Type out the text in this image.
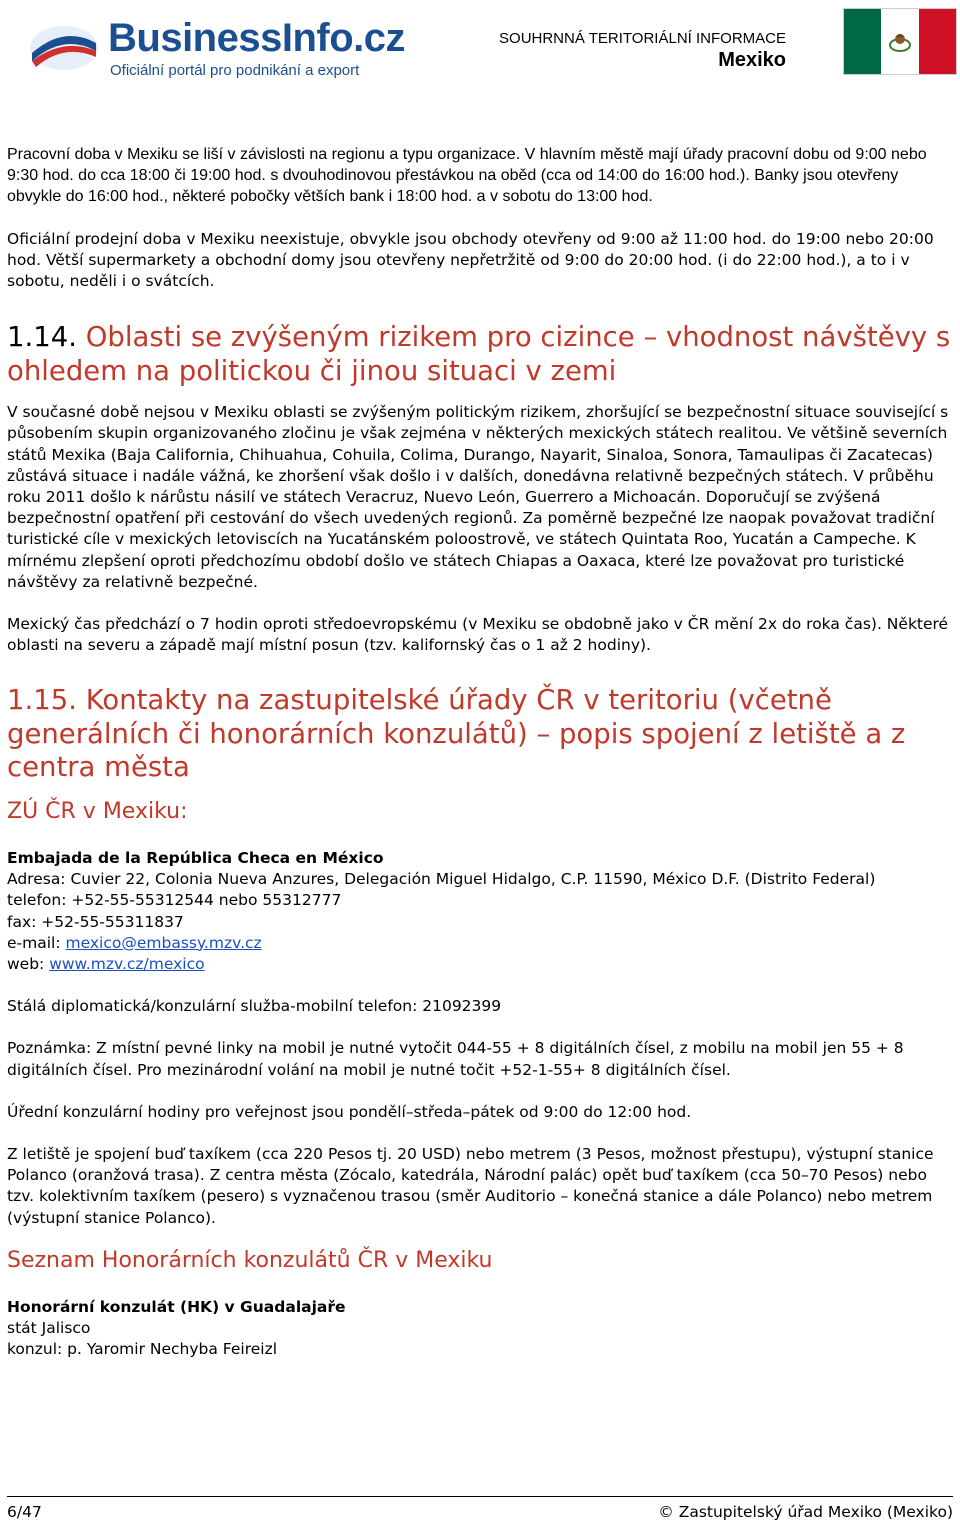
BusinessInfo.cz
Oficiální portál pro podnikání a export
SOUHRNNÁ TERITORIÁLNÍ INFORMACE
Mexiko

Pracovní doba v Mexiku se liší v závislosti na regionu a typu organizace. V hlavním městě mají úřady pracovní dobu od 9:00 nebo 9:30 hod. do cca 18:00 či 19:00 hod. s dvouhodinovou přestávkou na oběd (cca od 14:00 do 16:00 hod.). Banky jsou otevřeny obvykle do 16:00 hod., některé pobočky větších bank i 18:00 hod. a v sobotu do 13:00 hod.

Oficiální prodejní doba v Mexiku neexistuje, obvykle jsou obchody otevřeny od 9:00 až 11:00 hod. do 19:00 nebo 20:00 hod. Větší supermarkety a obchodní domy jsou otevřeny nepřetržitě od 9:00 do 20:00 hod. (i do 22:00 hod.), a to i v sobotu, neděli i o svátcích.

1.14. Oblasti se zvýšeným rizikem pro cizince – vhodnost návštěvy s ohledem na politickou či jinou situaci v zemi

V současné době nejsou v Mexiku oblasti se zvýšeným politickým rizikem, zhoršující se bezpečnostní situace související s působením skupin organizovaného zločinu je však zejména v některých mexických státech realitou. Ve většině severních států Mexika (Baja California, Chihuahua, Cohuila, Colima, Durango, Nayarit, Sinaloa, Sonora, Tamaulipas či Zacatecas) zůstává situace i nadále vážná, ke zhoršení však došlo i v dalších, donedávna relativně bezpečných státech. V průběhu roku 2011 došlo k nárůstu násilí ve státech Veracruz, Nuevo León, Guerrero a Michoacán. Doporučují se zvýšená bezpečnostní opatření při cestování do všech uvedených regionů. Za poměrně bezpečné lze naopak považovat tradiční turistické cíle v mexických letoviscích na Yucatánském poloostrově, ve státech Quintata Roo, Yucatán a Campeche. K mírnému zlepšení oproti předchozímu období došlo ve státech Chiapas a Oaxaca, které lze považovat pro turistické návštěvy za relativně bezpečné.

Mexický čas předchází o 7 hodin oproti středoevropskému (v Mexiku se obdobně jako v ČR mění 2x do roka čas). Některé oblasti na severu a západě mají místní posun (tzv. kalifornský čas o 1 až 2 hodiny).

1.15. Kontakty na zastupitelské úřady ČR v teritoriu (včetně generálních či honorárních konzulátů) – popis spojení z letiště a z centra města
ZÚ ČR v Mexiku:
Embajada de la República Checa en México
Adresa: Cuvier 22, Colonia Nueva Anzures, Delegación Miguel Hidalgo, C.P. 11590, México D.F. (Distrito Federal)
telefon: +52-55-55312544 nebo 55312777
fax: +52-55-55311837
e-mail: mexico@embassy.mzv.cz
web: www.mzv.cz/mexico

Stálá diplomatická/konzulární služba-mobilní telefon: 21092399

Poznámka: Z místní pevné linky na mobil je nutné vytočit 044-55 + 8 digitálních čísel, z mobilu na mobil jen 55 + 8 digitálních čísel. Pro mezinárodní volání na mobil je nutné točit +52-1-55+ 8 digitálních čísel.

Úřední konzulární hodiny pro veřejnost jsou pondělí–středa–pátek od 9:00 do 12:00 hod.

Z letiště je spojení buď taxíkem (cca 220 Pesos tj. 20 USD) nebo metrem (3 Pesos, možnost přestupu), výstupní stanice Polanco (oranžová trasa). Z centra města (Zócalo, katedrála, Národní palác) opět buď taxíkem (cca 50–70 Pesos) nebo tzv. kolektivním taxíkem (pesero) s vyznačenou trasou (směr Auditorio – konečná stanice a dále Polanco) nebo metrem (výstupní stanice Polanco).

Seznam Honorárních konzulátů ČR v Mexiku
Honorární konzulát (HK) v Guadalajaře
stát Jalisco
konzul: p. Yaromir Nechyba Feireizl
6/47	© Zastupitelský úřad Mexiko (Mexiko)
